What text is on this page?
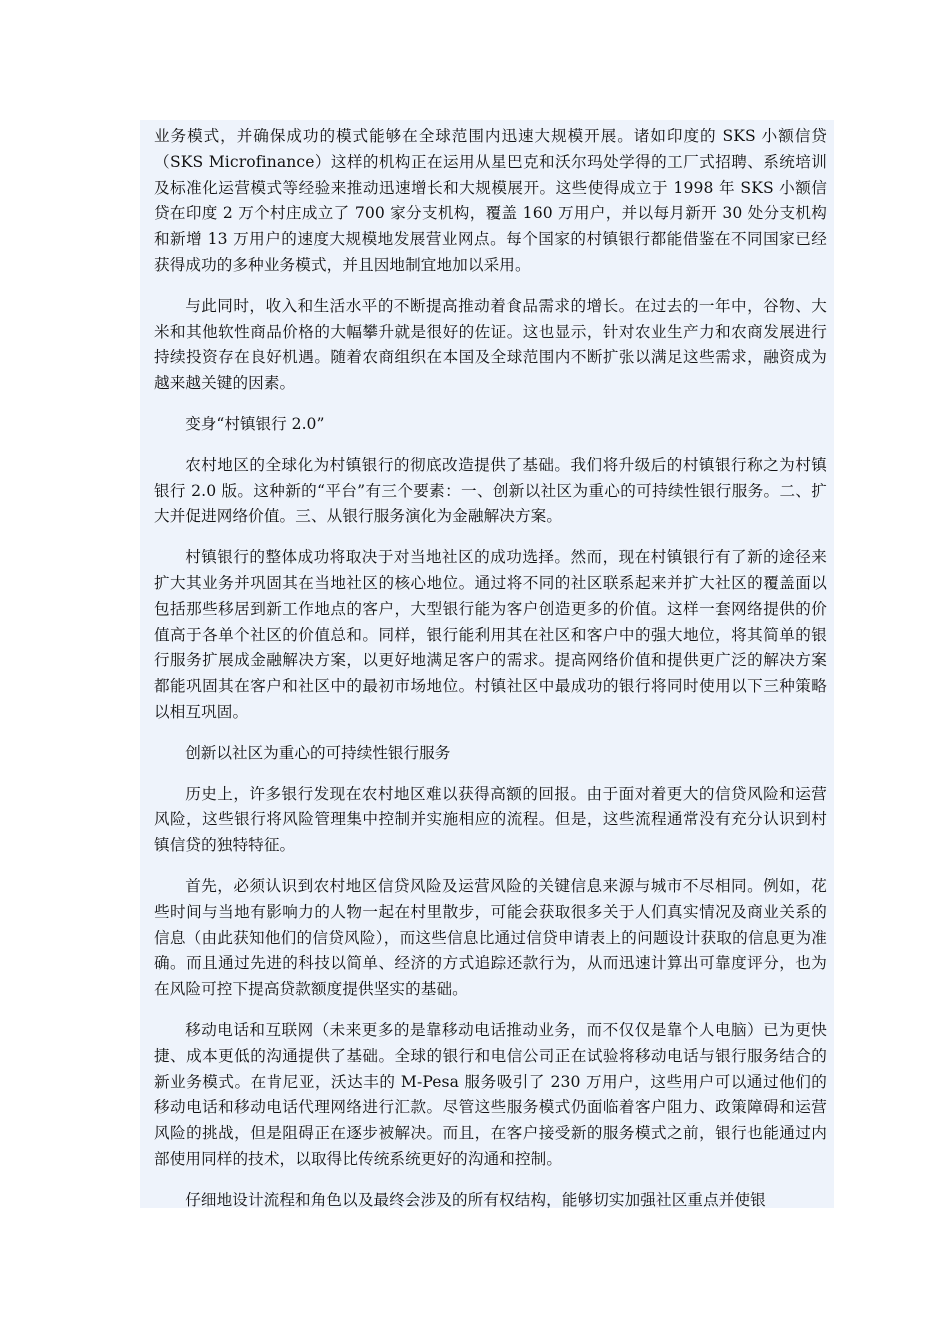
业务模式，并确保成功的模式能够在全球范围内迅速大规模开展。诸如印度的 SKS 小额信贷（SKS Microfinance）这样的机构正在运用从星巴克和沃尔玛处学得的工厂式招聘、系统培训及标准化运营模式等经验来推动迅速增长和大规模展开。这些使得成立于 1998 年 SKS 小额信贷在印度 2 万个村庄成立了 700 家分支机构，覆盖 160 万用户，并以每月新开 30 处分支机构和新增 13 万用户的速度大规模地发展营业网点。每个国家的村镇银行都能借鉴在不同国家已经获得成功的多种业务模式，并且因地制宜地加以采用。

与此同时，收入和生活水平的不断提高推动着食品需求的增长。在过去的一年中，谷物、大米和其他软性商品价格的大幅攀升就是很好的佐证。这也显示，针对农业生产力和农商发展进行持续投资存在良好机遇。随着农商组织在本国及全球范围内不断扩张以满足这些需求，融资成为越来越关键的因素。

变身“村镇银行 2.0”

农村地区的全球化为村镇银行的彻底改造提供了基础。我们将升级后的村镇银行称之为村镇银行 2.0 版。这种新的“平台”有三个要素：一、创新以社区为重心的可持续性银行服务。二、扩大并促进网络价值。三、从银行服务演化为金融解决方案。

村镇银行的整体成功将取决于对当地社区的成功选择。然而，现在村镇银行有了新的途径来扩大其业务并巩固其在当地社区的核心地位。通过将不同的社区联系起来并扩大社区的覆盖面以包括那些移居到新工作地点的客户，大型银行能为客户创造更多的价值。这样一套网络提供的价值高于各单个社区的价值总和。同样，银行能利用其在社区和客户中的强大地位，将其简单的银行服务扩展成金融解决方案，以更好地满足客户的需求。提高网络价值和提供更广泛的解决方案都能巩固其在客户和社区中的最初市场地位。村镇社区中最成功的银行将同时使用以下三种策略以相互巩固。

创新以社区为重心的可持续性银行服务

历史上，许多银行发现在农村地区难以获得高额的回报。由于面对着更大的信贷风险和运营风险，这些银行将风险管理集中控制并实施相应的流程。但是，这些流程通常没有充分认识到村镇信贷的独特特征。

首先，必须认识到农村地区信贷风险及运营风险的关键信息来源与城市不尽相同。例如，花些时间与当地有影响力的人物一起在村里散步，可能会获取很多关于人们真实情况及商业关系的信息（由此获知他们的信贷风险），而这些信息比通过信贷申请表上的问题设计获取的信息更为准确。而且通过先进的科技以简单、经济的方式追踪还款行为，从而迅速计算出可靠度评分，也为在风险可控下提高贷款额度提供坚实的基础。

移动电话和互联网（未来更多的是靠移动电话推动业务，而不仅仅是靠个人电脑）已为更快捷、成本更低的沟通提供了基础。全球的银行和电信公司正在试验将移动电话与银行服务结合的新业务模式。在肯尼亚，沃达丰的 M-Pesa 服务吸引了 230 万用户，这些用户可以通过他们的移动电话和移动电话代理网络进行汇款。尽管这些服务模式仍面临着客户阻力、政策障碍和运营风险的挑战，但是阻碍正在逐步被解决。而且，在客户接受新的服务模式之前，银行也能通过内部使用同样的技术，以取得比传统系统更好的沟通和控制。

仔细地设计流程和角色以及最终会涉及的所有权结构，能够切实加强社区重点并使银
